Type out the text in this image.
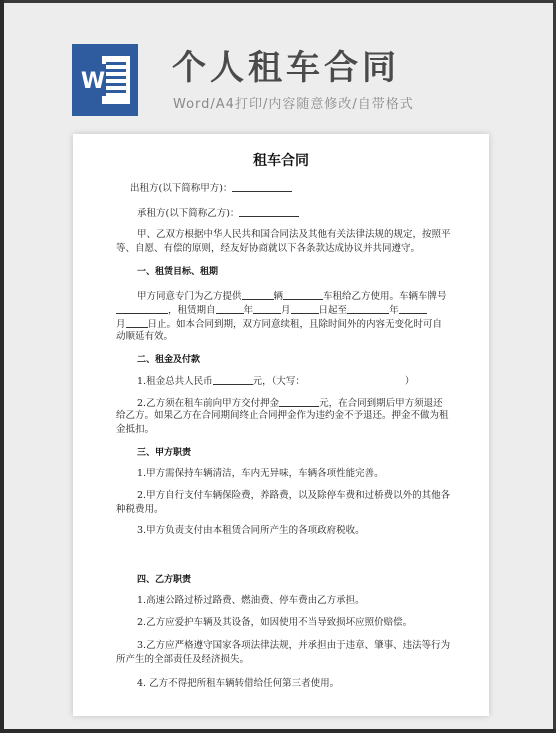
W 个人租车合同
Word/A4打印/内容随意修改/自带格式
租车合同
出租方(以下简称甲方)：
承租方(以下简称乙方)：
甲、乙双方根据中华人民共和国合同法及其他有关法律法规的规定，按照平
等、自愿、有偿的原则，经友好协商就以下各条款达成协议并共同遵守。
一、租赁目标、租期
甲方同意专门为乙方提供	辆	车租给乙方使用。车辆车牌号
，租赁期自	年	月	日起至	年
月 日止。如本合同到期，双方同意续租，且除时间外的内容无变化时可自
动顺延有效。
二、租金及付款
1.租金总共人民币	元，（大写：	）
2.乙方须在租车前向甲方交付押金	元，在合同到期后甲方须退还
给乙方。如果乙方在合同期间终止合同押金作为违约金不予退还。押金不做为租
金抵扣。
三、甲方职责
1.甲方需保持车辆清洁，车内无异味，车辆各项性能完善。
2.甲方自行支付车辆保险费，养路费，以及除停车费和过桥费以外的其他各
种税费用。
3.甲方负责支付由本租赁合同所产生的各项政府税收。
四、乙方职责
1.高速公路过桥过路费、燃油费、停车费由乙方承担。
2.乙方应爱护车辆及其设备，如因使用不当导致损坏应照价赔偿。
3.乙方应严格遵守国家各项法律法规，并承担由于违章、肇事、违法等行为
所产生的全部责任及经济损失。
4. 乙方不得把所租车辆转借给任何第三者使用。
